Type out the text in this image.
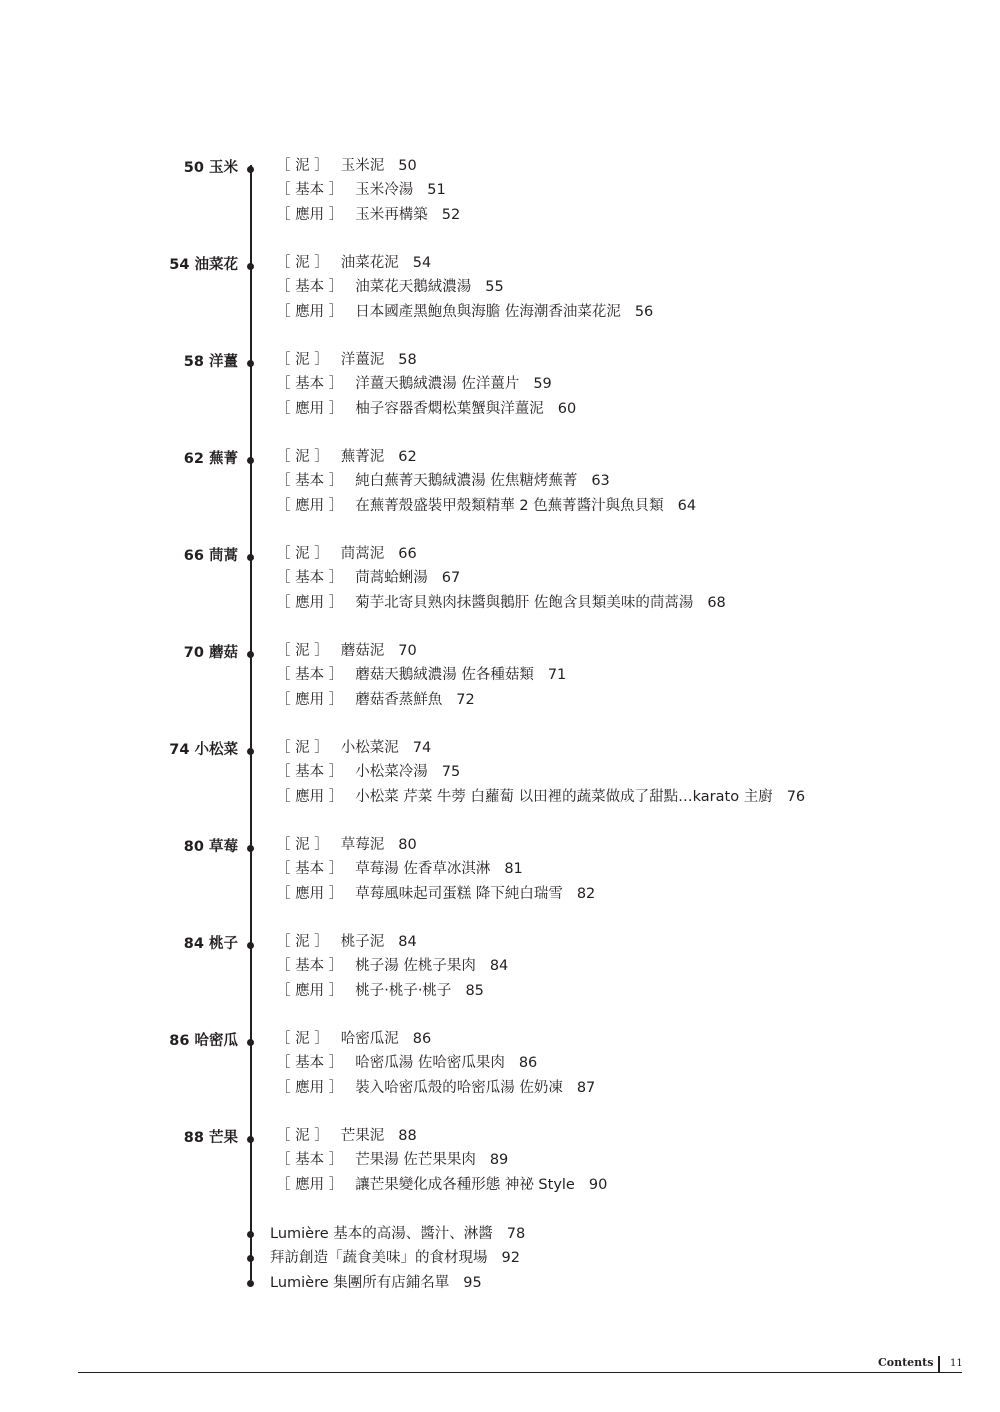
50 玉米	［ 泥 ］ 玉米泥 50
［ 基本 ］ 玉米冷湯 51
［ 應用 ］ 玉米再構築 52
54 油菜花	［ 泥 ］ 油菜花泥 54
［ 基本 ］ 油菜花天鵝絨濃湯 55
［ 應用 ］ 日本國產黑鮑魚與海膽 佐海潮香油菜花泥 56
58 洋薑	［ 泥 ］ 洋薑泥 58
［ 基本 ］ 洋薑天鵝絨濃湯 佐洋薑片 59
［ 應用 ］ 柚子容器香燜松葉蟹與洋薑泥 60
62 蕪菁	［ 泥 ］ 蕪菁泥 62
［ 基本 ］ 純白蕪菁天鵝絨濃湯 佐焦糖烤蕪菁 63
［ 應用 ］ 在蕪菁殼盛裝甲殼類精華 2 色蕪菁醬汁與魚貝類 64
66 茼蒿	［ 泥 ］ 茼蒿泥 66
［ 基本 ］ 茼蒿蛤蜊湯 67
［ 應用 ］ 菊芋北寄貝熟肉抹醬與鵝肝 佐飽含貝類美味的茼蒿湯 68
70 蘑菇	［ 泥 ］ 蘑菇泥 70
［ 基本 ］ 蘑菇天鵝絨濃湯 佐各種菇類 71
［ 應用 ］ 蘑菇香蒸鮮魚 72
74 小松菜	［ 泥 ］ 小松菜泥 74
［ 基本 ］ 小松菜冷湯 75
［ 應用 ］ 小松菜 芹菜 牛蒡 白蘿蔔 以田裡的蔬菜做成了甜點…karato 主廚 76
80 草莓	［ 泥 ］ 草莓泥 80
［ 基本 ］ 草莓湯 佐香草冰淇淋 81
［ 應用 ］ 草莓風味起司蛋糕 降下純白瑞雪 82
84 桃子	［ 泥 ］ 桃子泥 84
［ 基本 ］ 桃子湯 佐桃子果肉 84
［ 應用 ］ 桃子‧桃子‧桃子 85
86 哈密瓜	［ 泥 ］ 哈密瓜泥 86
［ 基本 ］ 哈密瓜湯 佐哈密瓜果肉 86
［ 應用 ］ 裝入哈密瓜殼的哈密瓜湯 佐奶凍 87
88 芒果	［ 泥 ］ 芒果泥 88
［ 基本 ］ 芒果湯 佐芒果果肉 89
［ 應用 ］ 讓芒果變化成各種形態 神祕 Style 90
Lumière 基本的高湯、醬汁、淋醬 78
拜訪創造「蔬食美味」的食材現場 92
Lumière 集團所有店鋪名單 95
Contents 11
